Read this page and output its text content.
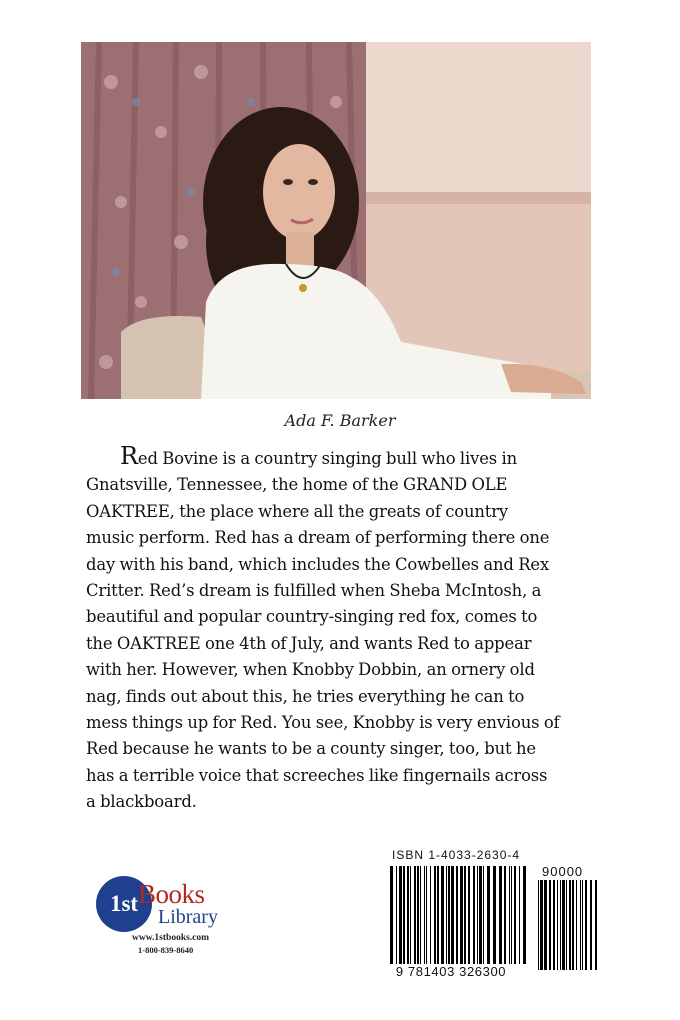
Ada F. Barker
Red Bovine is a country singing bull who lives in
Gnatsville, Tennessee, the home of the GRAND OLE
OAKTREE, the place where all the greats of country
music perform. Red has a dream of performing there one
day with his band, which includes the Cowbelles and Rex
Critter. Red’s dream is fulfilled when Sheba McIntosh, a
beautiful and popular country-singing red fox, comes to
the OAKTREE one 4th of July, and wants Red to appear
with her. However, when Knobby Dobbin, an ornery old
nag, finds out about this, he tries everything he can to
mess things up for Red. You see, Knobby is very envious of
Red because he wants to be a county singer, too, but he
has a terrible voice that screeches like fingernails across
a blackboard.
1st Books
Library
www.1stbooks.com
1-800-839-8640
ISBN 1-4033-2630-4
9 781403 326300
90000
